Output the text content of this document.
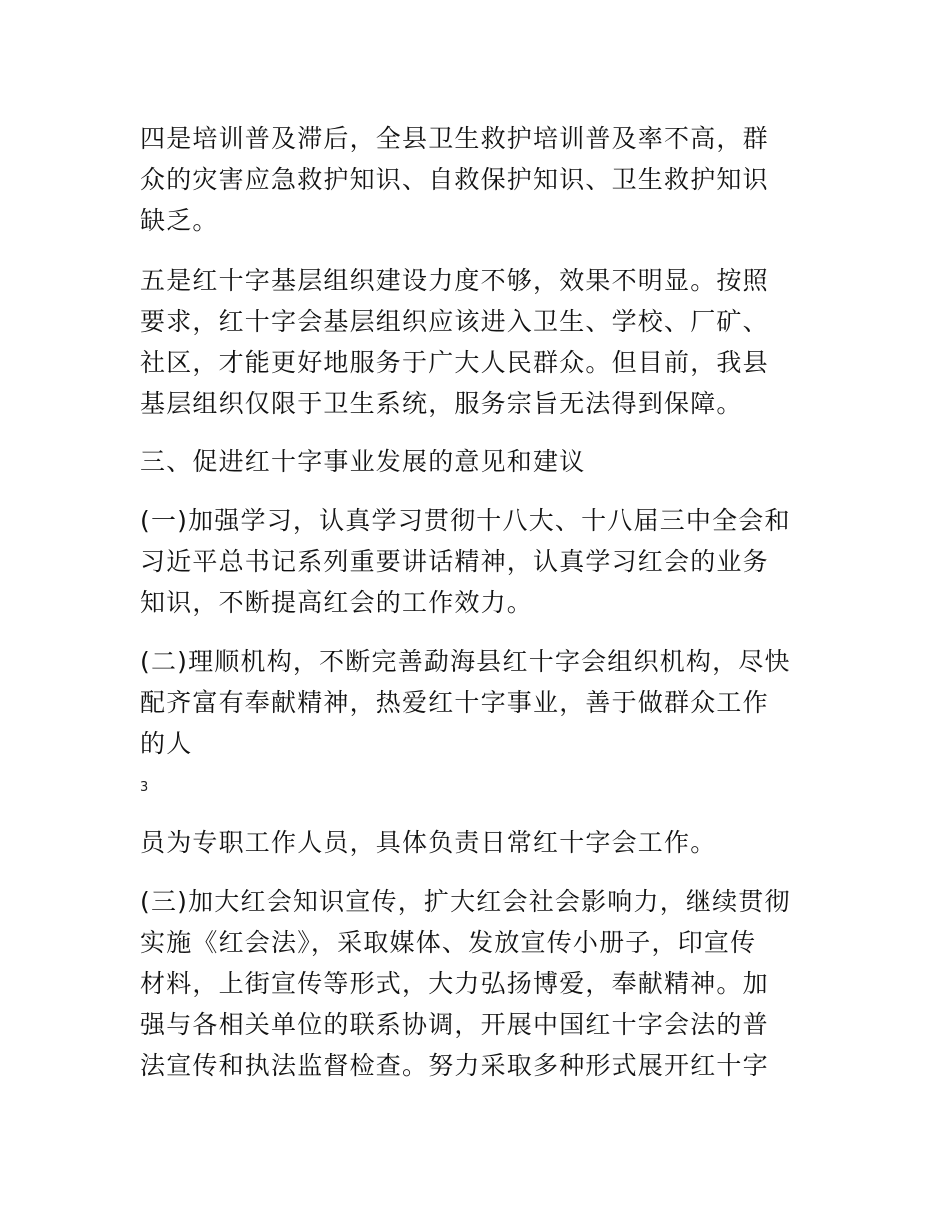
四是培训普及滞后，全县卫生救护培训普及率不高，群
众的灾害应急救护知识、自救保护知识、卫生救护知识
缺乏。
五是红十字基层组织建设力度不够，效果不明显。按照
要求，红十字会基层组织应该进入卫生、学校、厂矿、
社区，才能更好地服务于广大人民群众。但目前，我县
基层组织仅限于卫生系统，服务宗旨无法得到保障。
三、促进红十字事业发展的意见和建议
(一)加强学习，认真学习贯彻十八大、十八届三中全会和
习近平总书记系列重要讲话精神，认真学习红会的业务
知识，不断提高红会的工作效力。
(二)理顺机构，不断完善勐海县红十字会组织机构，尽快
配齐富有奉献精神，热爱红十字事业，善于做群众工作
的人
3
员为专职工作人员，具体负责日常红十字会工作。
(三)加大红会知识宣传，扩大红会社会影响力，继续贯彻
实施《红会法》，采取媒体、发放宣传小册子，印宣传
材料，上街宣传等形式，大力弘扬博爱，奉献精神。加
强与各相关单位的联系协调，开展中国红十字会法的普
法宣传和执法监督检查。努力采取多种形式展开红十字
